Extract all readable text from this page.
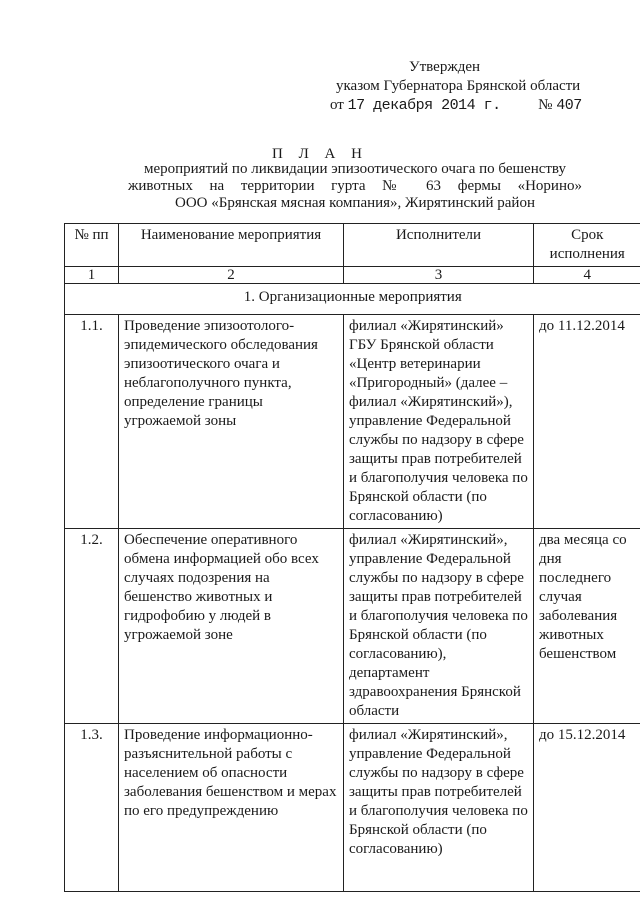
Утвержден
указом Губернатора Брянской области
от 17 декабря 2014 г.	№ 407
П Л А Н
мероприятий по ликвидации эпизоотического очага по бешенству
животных на территории гурта № 63 фермы «Норино»
ООО «Брянская мясная компания», Жирятинский район
№ пп	Наименование мероприятия	Исполнители	Срок исполнения
1	2	3	4
1. Организационные мероприятия			
1.1.	Проведение эпизоотолого-эпидемического обследования эпизоотического очага и неблагополучного пункта, определение границы угрожаемой зоны	филиал «Жирятинский» ГБУ Брянской области «Центр ветеринарии «Пригородный» (далее – филиал «Жирятинский»), управление Федеральной службы по надзору в сфере защиты прав потребителей и благополучия человека по Брянской области (по согласованию)	до 11.12.2014
1.2.	Обеспечение оперативного обмена информацией обо всех случаях подозрения на бешенство животных и гидрофобию у людей в угрожаемой зоне	филиал «Жирятинский», управление Федеральной службы по надзору в сфере защиты прав потребителей и благополучия человека по Брянской области (по согласованию), департамент здравоохранения Брянской области	два месяца со дня последнего случая заболевания животных бешенством
1.3.	Проведение информационно-разъяснительной работы с населением об опасности заболевания бешенством и мерах по его предупреждению	филиал «Жирятинский», управление Федеральной службы по надзору в сфере защиты прав потребителей и благополучия человека по Брянской области (по согласованию)	до 15.12.2014
